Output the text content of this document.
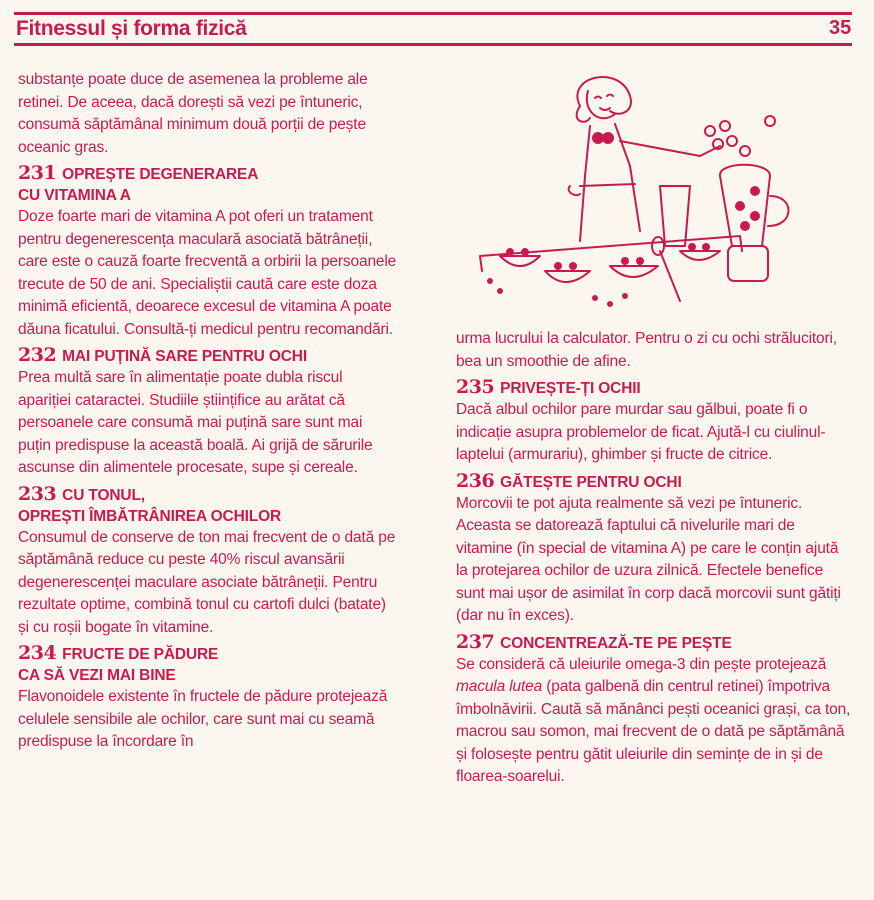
Fitnessul și forma fizică	35

substanțe poate duce de asemenea la probleme ale retinei. De aceea, dacă dorești să vezi pe întuneric, consumă săptămânal minimum două porții de pește oceanic gras.

231 OPREȘTE DEGENERAREA
CU VITAMINA A

Doze foarte mari de vitamina A pot oferi un tratament pentru degenerescența maculară asociată bătrâneții, care este o cauză foarte frecventă a orbirii la persoanele trecute de 50 de ani. Specialiștii caută care este doza minimă eficientă, deoarece excesul de vitamina A poate dăuna ficatului. Consultă-ți medicul pentru recomandări.

232 MAI PUȚINĂ SARE PENTRU OCHI

Prea multă sare în alimentație poate dubla riscul apariției cataractei. Studiile științifice au arătat că persoanele care consumă mai puțină sare sunt mai puțin predispuse la această boală. Ai grijă de sărurile ascunse din alimentele procesate, supe și cereale.

233 CU TONUL,
OPREȘTI ÎMBĂTRÂNIREA OCHILOR

Consumul de conserve de ton mai frecvent de o dată pe săptămână reduce cu peste 40% riscul avansării degenerescenței maculare asociate bătrâneții. Pentru rezultate optime, combină tonul cu cartofi dulci (batate) și cu roșii bogate în vitamine.

234 FRUCTE DE PĂDURE
CA SĂ VEZI MAI BINE

Flavonoidele existente în fructele de pădure protejează celulele sensibile ale ochilor, care sunt mai cu seamă predispuse la încordare în

urma lucrului la calculator. Pentru o zi cu ochi strălucitori, bea un smoothie de afine.

235 PRIVEȘTE-ȚI OCHII

Dacă albul ochilor pare murdar sau gălbui, poate fi o indicație asupra problemelor de ficat. Ajută-l cu ciulinul-laptelui (armurariu), ghimber și fructe de citrice.

236 GĂTEȘTE PENTRU OCHI

Morcovii te pot ajuta realmente să vezi pe întuneric. Aceasta se datorează faptului că nivelurile mari de vitamine (în special de vitamina A) pe care le conțin ajută la protejarea ochilor de uzura zilnică. Efectele benefice sunt mai ușor de asimilat în corp dacă morcovii sunt gătiți (dar nu în exces).

237 CONCENTREAZĂ-TE PE PEȘTE

Se consideră că uleiurile omega-3 din pește protejează macula lutea (pata galbenă din centrul retinei) împotriva îmbolnăvirii. Caută să mănânci pești oceanici grași, ca ton, macrou sau somon, mai frecvent de o dată pe săptămână și folosește pentru gătit uleiurile din semințe de in și de floarea-soarelui.
